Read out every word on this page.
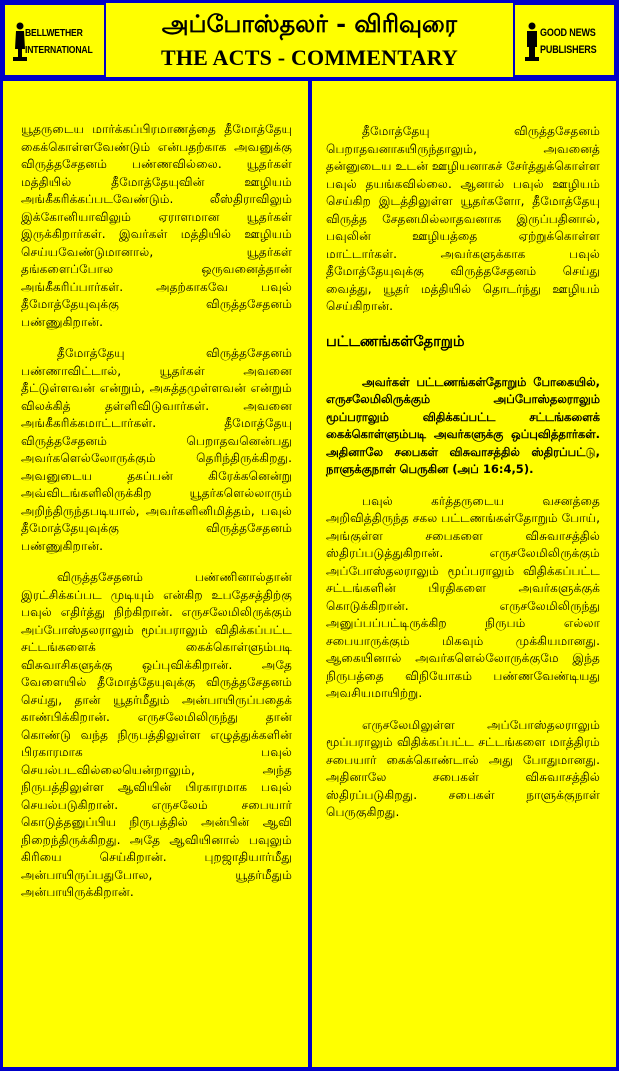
BELLWETHER
INTERNATIONAL
அப்போஸ்தலர் - விரிவுரை
THE ACTS - COMMENTARY
GOOD NEWS
PUBLISHERS

யூதருடைய மார்க்கப்பிரமாணத்தை தீமோத்தேயு கைக்கொள்ளவேண்டும் என்பதற்காக அவனுக்கு விருத்தசேதனம் பண்ணவில்லை. யூதர்கள் மத்தியில் தீமோத்தேயுவின் ஊழியம் அங்கீகரிக்கப்படவேண்டும். லீஸ்திராவிலும் இக்கோனியாவிலும் ஏராளமான யூதர்கள் இருக்கிறார்கள். இவர்கள் மத்தியில் ஊழியம் செய்யவேண்டுமானால், யூதர்கள் தங்களைப்போல ஒருவனைத்தான் அங்கீகரிப்பார்கள். அதற்காகவே பவுல் தீமோத்தேயுவுக்கு விருத்தசேதனம் பண்ணுகிறான்.

தீமோத்தேயு விருத்தசேதனம் பண்ணாவிட்டால், யூதர்கள் அவனை தீட்டுள்ளவன் என்றும், அசுத்தமுள்ளவன் என்றும் விலக்கித் தள்ளிவிடுவார்கள். அவனை அங்கீகரிக்கமாட்டார்கள். தீமோத்தேயு விருத்தசேதனம் பெறாதவனென்பது அவர்களெல்லோருக்கும் தெரிந்திருக்கிறது. அவனுடைய தகப்பன் கிரேக்கனென்று அவ்விடங்களிலிருக்கிற யூதர்களெல்லாரும் அறிந்திருந்தபடியால், அவர்களினிமித்தம், பவுல் தீமோத்தேயுவுக்கு விருத்தசேதனம் பண்ணுகிறான்.

விருத்தசேதனம் பண்ணினால்தான் இரட்சிக்கப்பட முடியும் என்கிற உபதேசத்திற்கு பவுல் எதிர்த்து நிற்கிறான். எருசலேமிலிருக்கும் அப்போஸ்தலராலும் மூப்பராலும் விதிக்கப்பட்ட சட்டங்களைக் கைக்கொள்ளும்படி விசுவாசிகளுக்கு ஒப்புவிக்கிறான். அதே வேளையில் தீமோத்தேயுவுக்கு விருத்தசேதனம் செய்து, தான் யூதர்மீதும் அன்பாயிருப்பதைக் காண்பிக்கிறான். எருசலேமிலிருந்து தான் கொண்டு வந்த நிருபத்திலுள்ள எழுத்துக்களின் பிரகாரமாக பவுல் செயல்படவில்லையென்றாலும், அந்த நிருபத்திலுள்ள ஆவியின் பிரகாரமாக பவுல் செயல்படுகிறான். எருசலேம் சபையார் கொடுத்தனுப்பிய நிருபத்தில் அன்பின் ஆவி நிறைந்திருக்கிறது. அதே ஆவியினால் பவுலும் கிரியை செய்கிறான். புறஜாதியார்மீது அன்பாயிருப்பதுபோல, யூதர்மீதும் அன்பாயிருக்கிறான்.

தீமோத்தேயு விருத்தசேதனம் பெறாதவனாகயிருந்தாலும், அவனைத் தன்னுடைய உடன் ஊழியனாகச் சேர்த்துக்கொள்ள பவுல் தயங்கவில்லை. ஆனால் பவுல் ஊழியம் செய்கிற இடத்திலுள்ள யூதர்களோ, தீமோத்தேயு விருத்த சேதனமில்லாதவனாக இருப்பதினால், பவுலின் ஊழியத்தை ஏற்றுக்கொள்ள மாட்டார்கள். அவர்களுக்காக பவுல் தீமோத்தேயுவுக்கு விருத்தசேதனம் செய்து வைத்து, யூதர் மத்தியில் தொடர்ந்து ஊழியம் செய்கிறான்.

பட்டணங்கள்தோறும்

அவர்கள் பட்டணங்கள்தோறும் போகையில், எருசலேமிலிருக்கும் அப்போஸ்தலராலும் மூப்பராலும் விதிக்கப்பட்ட சட்டங்களைக் கைக்கொள்ளும்படி அவர்களுக்கு ஒப்புவித்தார்கள். அதினாலே சபைகள் விசுவாசத்தில் ஸ்திரப்பட்டு, நாளுக்குநாள் பெருகின (அப் 16:4,5).

பவுல் கர்த்தருடைய வசனத்தை அறிவித்திருந்த சகல பட்டணங்கள்தோறும் போய், அங்குள்ள சபைகளை விசுவாசத்தில் ஸ்திரப்படுத்துகிறான். எருசலேமிலிருக்கும் அப்போஸ்தலராலும் மூப்பராலும் விதிக்கப்பட்ட சட்டங்களின் பிரதிகளை அவர்களுக்குக் கொடுக்கிறான். எருசலேமிலிருந்து அனுப்பப்பட்டிருக்கிற நிருபம் எல்லா சபையாருக்கும் மிகவும் முக்கியமானது. ஆகையினால் அவர்களெல்லோருக்குமே இந்த நிருபத்தை விநியோகம் பண்ணவேண்டியது அவசியமாயிற்று.

எருசலேமிலுள்ள அப்போஸ்தலராலும் மூப்பராலும் விதிக்கப்பட்ட சட்டங்களை மாத்திரம் சபையார் கைக்கொண்டால் அது போதுமானது. அதினாலே சபைகள் விசுவாசத்தில் ஸ்திரப்படுகிறது. சபைகள் நாளுக்குநாள் பெருகுகிறது.
